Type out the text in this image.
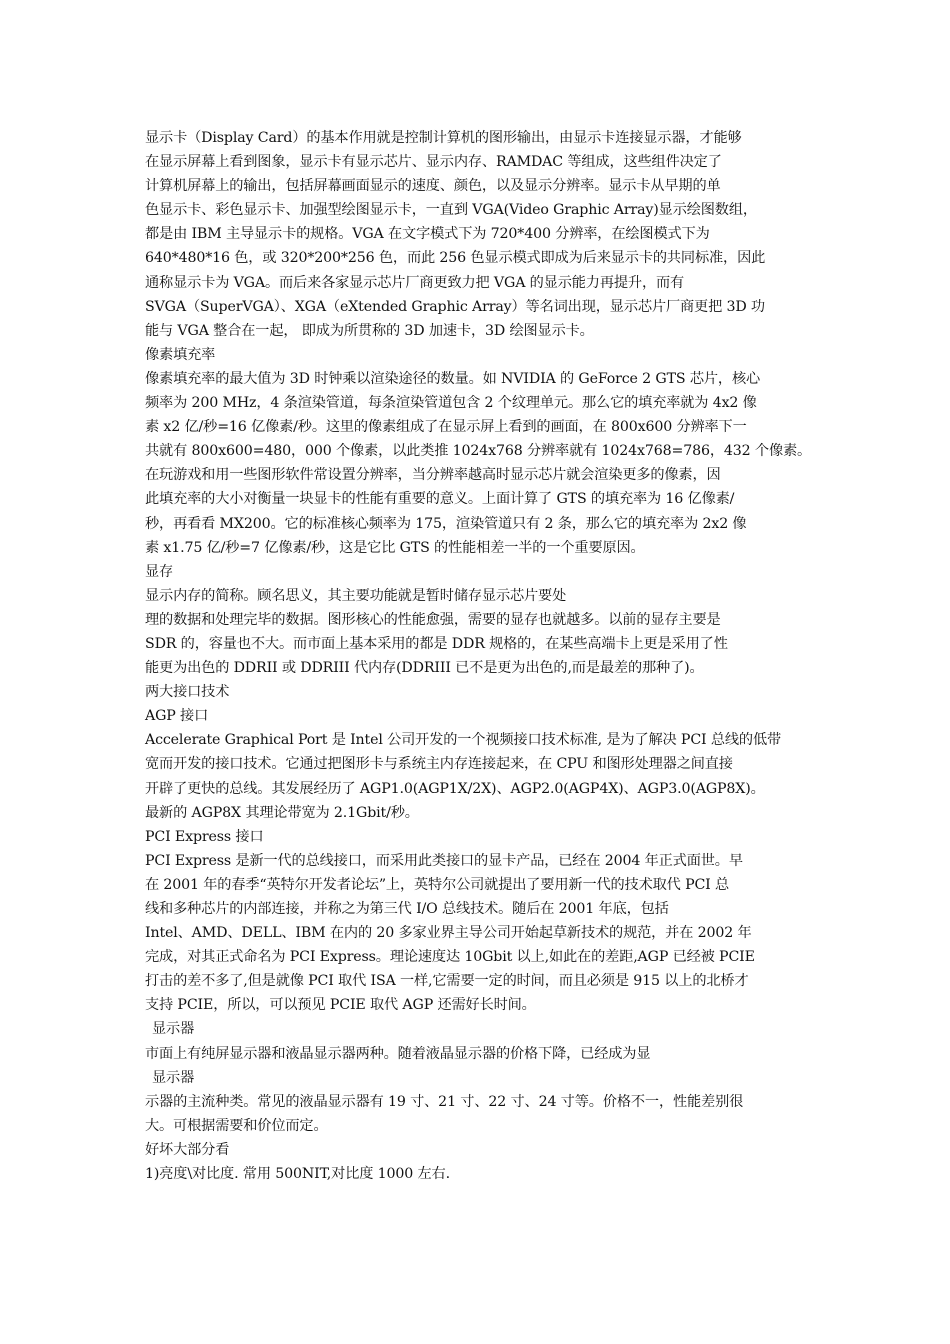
显示卡（Display Card）的基本作用就是控制计算机的图形输出，由显示卡连接显示器，才能够
在显示屏幕上看到图象，显示卡有显示芯片、显示内存、RAMDAC 等组成，这些组件决定了
计算机屏幕上的输出，包括屏幕画面显示的速度、颜色，以及显示分辨率。显示卡从早期的单
色显示卡、彩色显示卡、加强型绘图显示卡，一直到 VGA(Video Graphic Array)显示绘图数组，
都是由 IBM 主导显示卡的规格。VGA 在文字模式下为 720*400 分辨率，在绘图模式下为
640*480*16 色，或 320*200*256 色，而此 256 色显示模式即成为后来显示卡的共同标准，因此
通称显示卡为 VGA。而后来各家显示芯片厂商更致力把 VGA 的显示能力再提升，而有
SVGA（SuperVGA）、XGA（eXtended Graphic Array）等名词出现，显示芯片厂商更把 3D 功
能与 VGA 整合在一起， 即成为所贯称的 3D 加速卡，3D 绘图显示卡。
像素填充率
像素填充率的最大值为 3D 时钟乘以渲染途径的数量。如 NVIDIA 的 GeForce 2 GTS 芯片，核心
频率为 200 MHz，4 条渲染管道，每条渲染管道包含 2 个纹理单元。那么它的填充率就为 4x2 像
素 x2 亿/秒=16 亿像素/秒。这里的像素组成了在显示屏上看到的画面，在 800x600 分辨率下一
共就有 800x600=480，000 个像素，以此类推 1024x768 分辨率就有 1024x768=786，432 个像素。
在玩游戏和用一些图形软件常设置分辨率，当分辨率越高时显示芯片就会渲染更多的像素，因
此填充率的大小对衡量一块显卡的性能有重要的意义。上面计算了 GTS 的填充率为 16 亿像素/
秒，再看看 MX200。它的标准核心频率为 175，渲染管道只有 2 条，那么它的填充率为 2x2 像
素 x1.75 亿/秒=7 亿像素/秒，这是它比 GTS 的性能相差一半的一个重要原因。
显存
显示内存的简称。顾名思义，其主要功能就是暂时储存显示芯片要处
理的数据和处理完毕的数据。图形核心的性能愈强，需要的显存也就越多。以前的显存主要是
SDR 的，容量也不大。而市面上基本采用的都是 DDR 规格的，在某些高端卡上更是采用了性
能更为出色的 DDRII 或 DDRIII 代内存(DDRIII 已不是更为出色的,而是最差的那种了)。
两大接口技术
AGP 接口
Accelerate Graphical Port 是 Intel 公司开发的一个视频接口技术标准, 是为了解决 PCI 总线的低带
宽而开发的接口技术。它通过把图形卡与系统主内存连接起来，在 CPU 和图形处理器之间直接
开辟了更快的总线。其发展经历了 AGP1.0(AGP1X/2X)、AGP2.0(AGP4X)、AGP3.0(AGP8X)。
最新的 AGP8X 其理论带宽为 2.1Gbit/秒。
PCI Express 接口
PCI Express 是新一代的总线接口，而采用此类接口的显卡产品，已经在 2004 年正式面世。早
在 2001 年的春季“英特尔开发者论坛”上，英特尔公司就提出了要用新一代的技术取代 PCI 总
线和多种芯片的内部连接，并称之为第三代 I/O 总线技术。随后在 2001 年底，包括
Intel、AMD、DELL、IBM 在内的 20 多家业界主导公司开始起草新技术的规范，并在 2002 年
完成，对其正式命名为 PCI Express。理论速度达 10Gbit 以上,如此在的差距,AGP 已经被 PCIE
打击的差不多了,但是就像 PCI 取代 ISA 一样,它需要一定的时间，而且必须是 915 以上的北桥才
支持 PCIE，所以，可以预见 PCIE 取代 AGP 还需好长时间。
显示器
市面上有纯屏显示器和液晶显示器两种。随着液晶显示器的价格下降，已经成为显
显示器
示器的主流种类。常见的液晶显示器有 19 寸、21 寸、22 寸、24 寸等。价格不一，性能差别很
大。可根据需要和价位而定。
好坏大部分看
1)亮度\对比度. 常用 500NIT,对比度 1000 左右.
